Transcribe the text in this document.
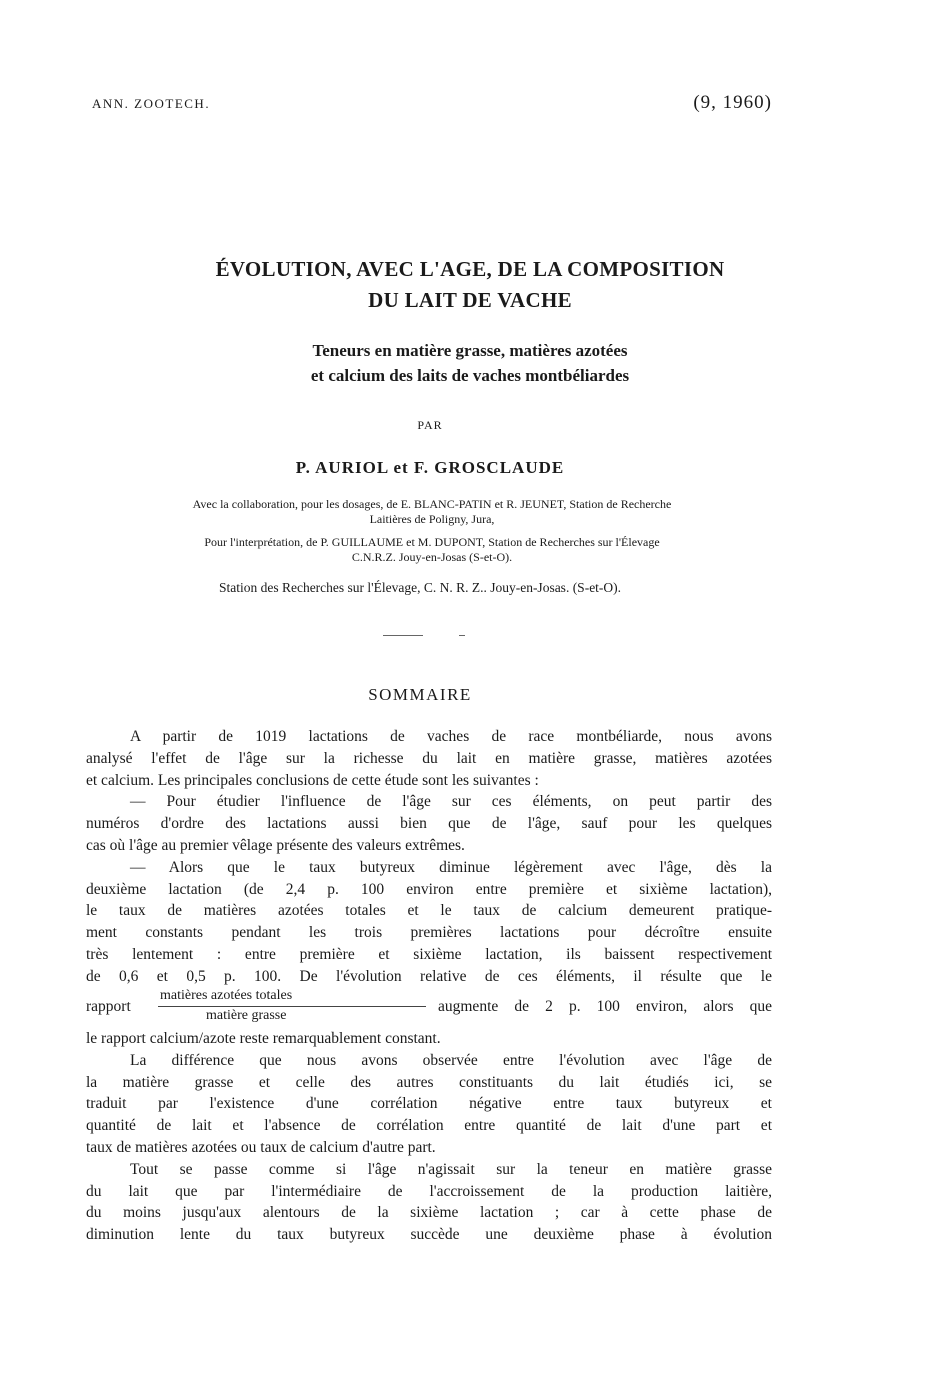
ANN. ZOOTECH.	(9, 1960)
ÉVOLUTION, AVEC L'AGE, DE LA COMPOSITION
DU LAIT DE VACHE
Teneurs en matière grasse, matières azotées
et calcium des laits de vaches montbéliardes
PAR
P. AURIOL et F. GROSCLAUDE
Avec la collaboration, pour les dosages, de E. BLANC-PATIN et R. JEUNET, Station de Recherche
Laitières de Poligny, Jura,
Pour l'interprétation, de P. GUILLAUME et M. DUPONT, Station de Recherches sur l'Élevage
C.N.R.Z. Jouy-en-Josas (S-et-O).
Station des Recherches sur l'Élevage, C. N. R. Z.. Jouy-en-Josas. (S-et-O).
SOMMAIRE
A partir de 1019 lactations de vaches de race montbéliarde, nous avons
analysé l'effet de l'âge sur la richesse du lait en matière grasse, matières azotées
et calcium. Les principales conclusions de cette étude sont les suivantes :
— Pour étudier l'influence de l'âge sur ces éléments, on peut partir des
numéros d'ordre des lactations aussi bien que de l'âge, sauf pour les quelques
cas où l'âge au premier vêlage présente des valeurs extrêmes.
— Alors que le taux butyreux diminue légèrement avec l'âge, dès la
deuxième lactation (de 2,4 p. 100 environ entre première et sixième lactation),
le taux de matières azotées totales et le taux de calcium demeurent pratique-
ment constants pendant les trois premières lactations pour décroître ensuite
très lentement : entre première et sixième lactation, ils baissent respectivement
de 0,6 et 0,5 p. 100. De l'évolution relative de ces éléments, il résulte que le
rapport
matières azotées totales
matière grasse
augmente de 2 p. 100 environ, alors que
le rapport calcium/azote reste remarquablement constant.
La différence que nous avons observée entre l'évolution avec l'âge de
la matière grasse et celle des autres constituants du lait étudiés ici, se
traduit par l'existence d'une corrélation négative entre taux butyreux et
quantité de lait et l'absence de corrélation entre quantité de lait d'une part et
taux de matières azotées ou taux de calcium d'autre part.
Tout se passe comme si l'âge n'agissait sur la teneur en matière grasse
du lait que par l'intermédiaire de l'accroissement de la production laitière,
du moins jusqu'aux alentours de la sixième lactation ; car à cette phase de
diminution lente du taux butyreux succède une deuxième phase à évolution
